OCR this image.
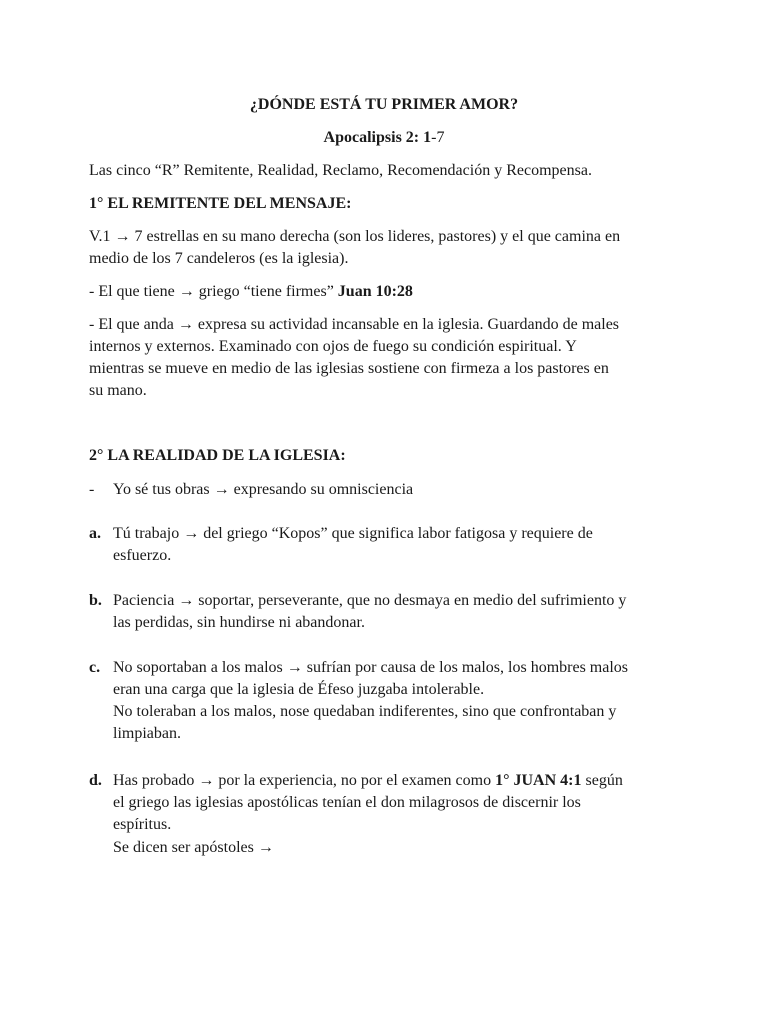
¿DÓNDE ESTÁ TU PRIMER AMOR?
Apocalipsis 2: 1-7
Las cinco “R” Remitente, Realidad, Reclamo, Recomendación y Recompensa.
1° EL REMITENTE DEL MENSAJE:
V.1 → 7 estrellas en su mano derecha (son los lideres, pastores) y el que camina en
medio de los 7 candeleros (es la iglesia).
- El que tiene → griego “tiene firmes” Juan 10:28
- El que anda → expresa su actividad incansable en la iglesia. Guardando de males
internos y externos. Examinado con ojos de fuego su condición espiritual. Y
mientras se mueve en medio de las iglesias sostiene con firmeza a los pastores en
su mano.
2° LA REALIDAD DE LA IGLESIA:
- Yo sé tus obras → expresando su omnisciencia
a. Tú trabajo → del griego “Kopos” que significa labor fatigosa y requiere de
esfuerzo.
b. Paciencia → soportar, perseverante, que no desmaya en medio del sufrimiento y
las perdidas, sin hundirse ni abandonar.
c. No soportaban a los malos → sufrían por causa de los malos, los hombres malos
eran una carga que la iglesia de Éfeso juzgaba intolerable.
No toleraban a los malos, nose quedaban indiferentes, sino que confrontaban y
limpiaban.
d. Has probado → por la experiencia, no por el examen como 1° JUAN 4:1 según
el griego las iglesias apostólicas tenían el don milagrosos de discernir los
espíritus.
Se dicen ser apóstoles →
